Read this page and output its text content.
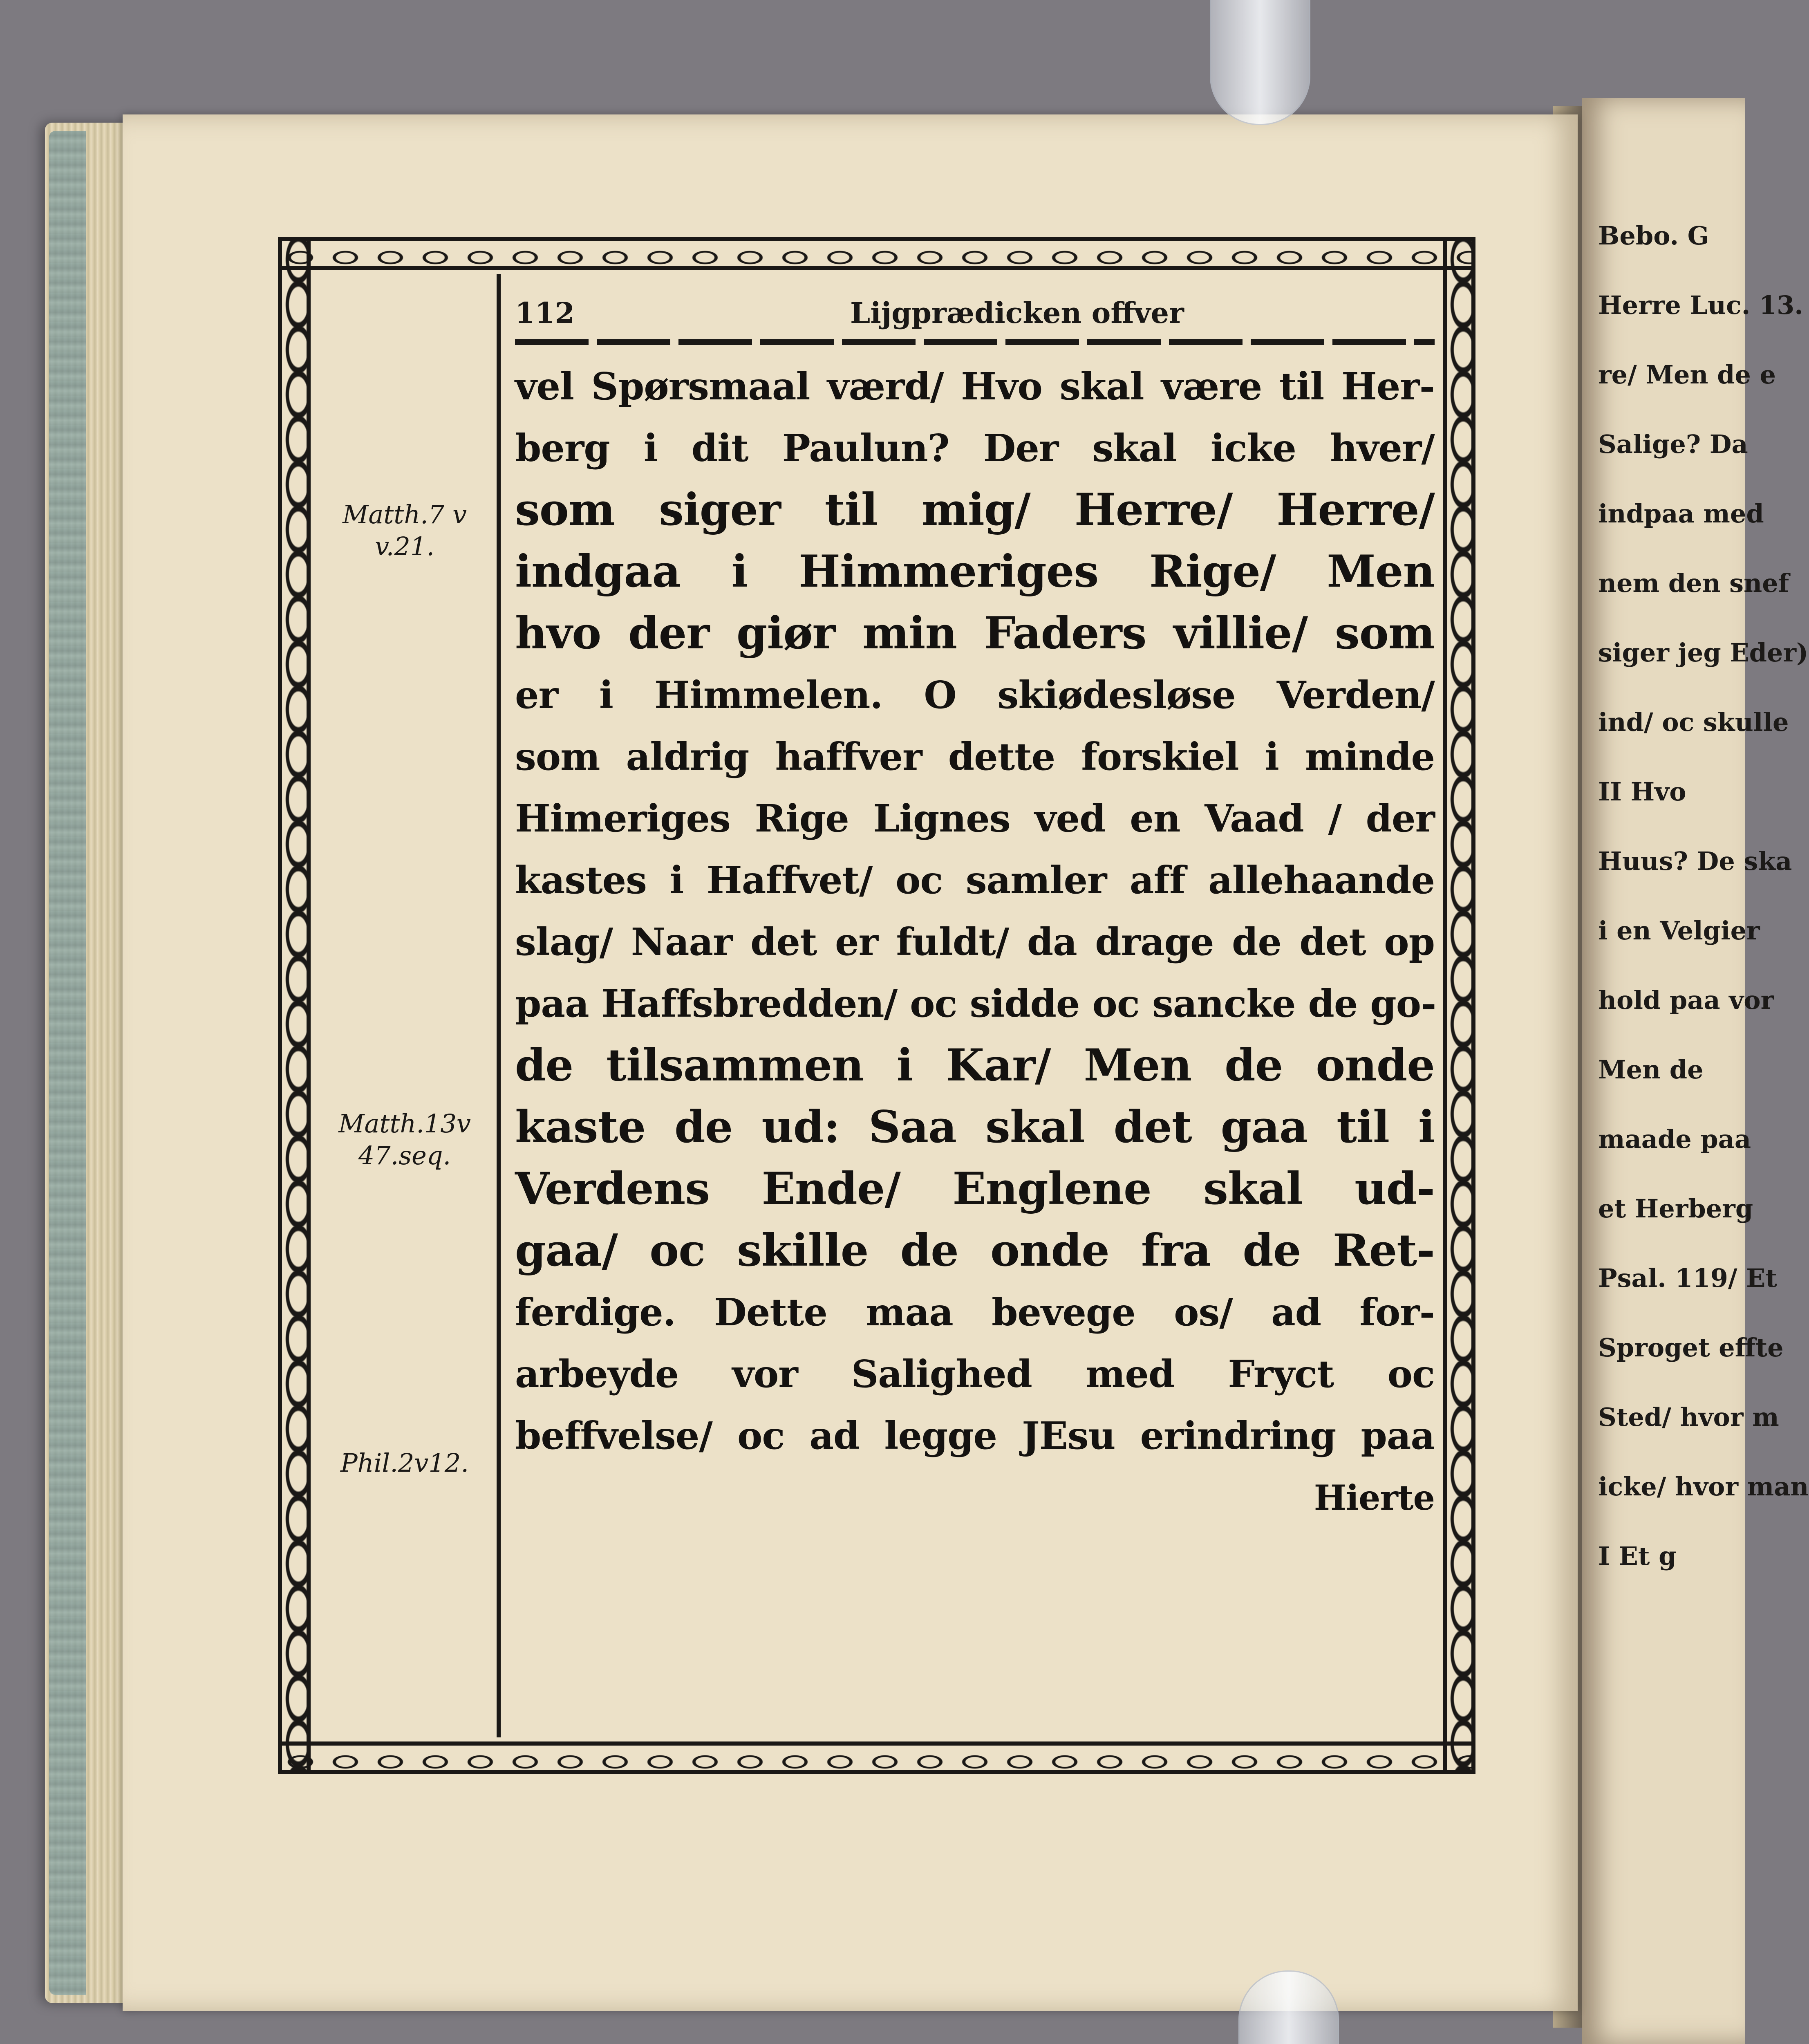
Bebo. G
Herre Luc. 13.
re/ Men de e
Salige? Da
indpaa med
nem den snef
siger jeg Eder)
ind/ oc skulle
II Hvo
Huus? De ska
i en Velgier
hold paa vor
Men de
maade paa
et Herberg
Psal. 119/ Et
Sproget effte
Sted/ hvor m
icke/ hvor man
I Et g
112	Lijgprædicken offver
Matth.7 v
v.21.
Matth.13v
47.seq.
Phil.2v12.
vel Spørsmaal værd/ Hvo skal være til Her-
berg i dit Paulun? Der skal icke hver/
som siger til mig/ Herre/ Herre/
indgaa i Himmeriges Rige/ Men
hvo der giør min Faders villie/ som
er i Himmelen. O skiødesløse Verden/
som aldrig haffver dette forskiel i minde
Himeriges Rige Lignes ved en Vaad / der
kastes i Haffvet/ oc samler aff allehaande
slag/ Naar det er fuldt/ da drage de det op
paa Haffsbredden/ oc sidde oc sancke de go-
de tilsammen i Kar/ Men de onde
kaste de ud: Saa skal det gaa til i
Verdens Ende/ Englene skal ud-
gaa/ oc skille de onde fra de Ret-
ferdige. Dette maa bevege os/ ad for-
arbeyde vor Salighed med Fryct oc
beffvelse/ oc ad legge JEsu erindring paa
Hierte
